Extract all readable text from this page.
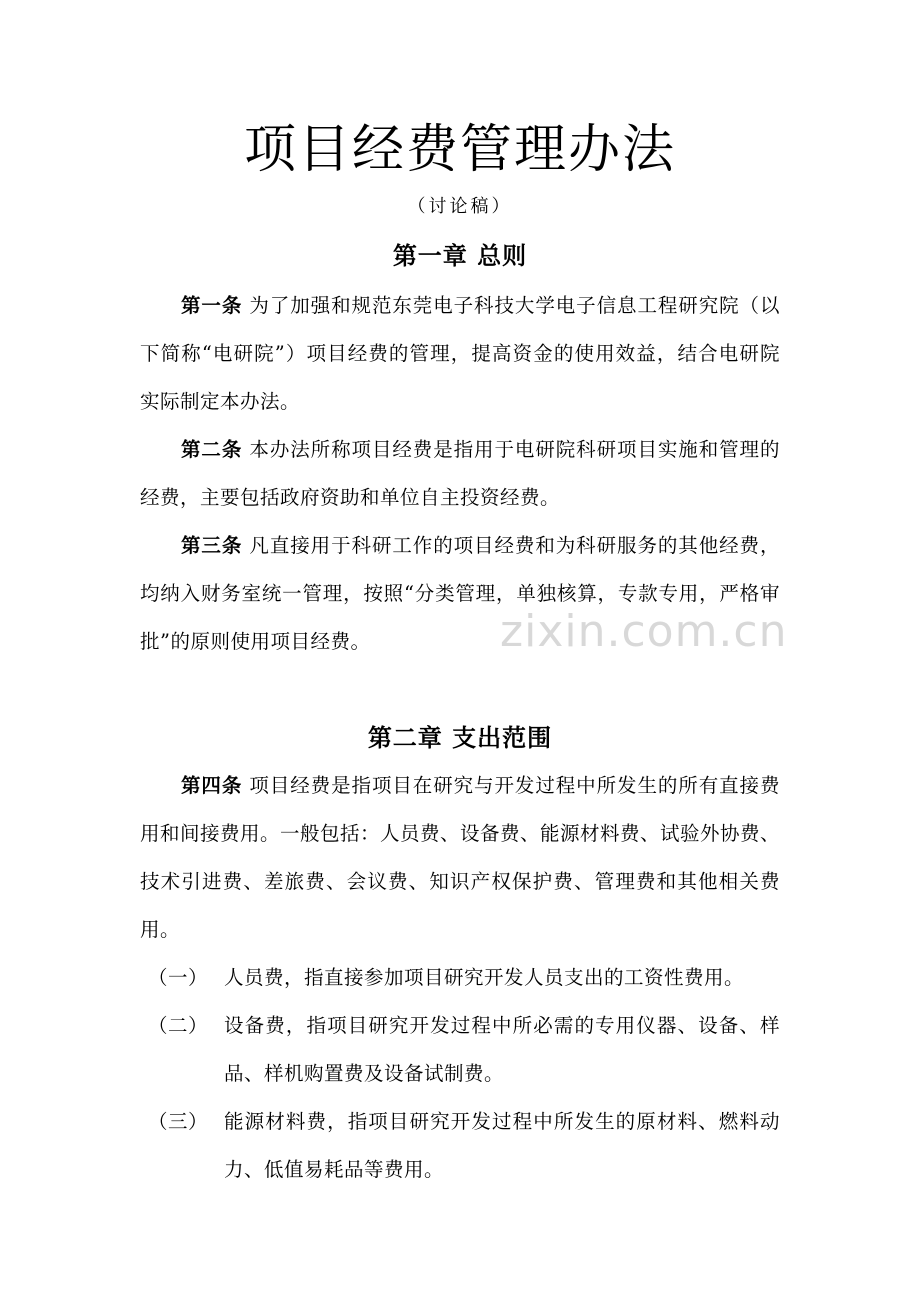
项目经费管理办法
（讨论稿）
第一章 总则
第一条 为了加强和规范东莞电子科技大学电子信息工程研究院（以下简称“电研院”）项目经费的管理，提高资金的使用效益，结合电研院实际制定本办法。
第二条 本办法所称项目经费是指用于电研院科研项目实施和管理的经费，主要包括政府资助和单位自主投资经费。
第三条 凡直接用于科研工作的项目经费和为科研服务的其他经费，均纳入财务室统一管理，按照“分类管理，单独核算，专款专用，严格审批”的原则使用项目经费。	zixin.com.cn
第二章 支出范围
第四条 项目经费是指项目在研究与开发过程中所发生的所有直接费用和间接费用。一般包括：人员费、设备费、能源材料费、试验外协费、技术引进费、差旅费、会议费、知识产权保护费、管理费和其他相关费用。
（一） 人员费，指直接参加项目研究开发人员支出的工资性费用。
（二） 设备费，指项目研究开发过程中所必需的专用仪器、设备、样品、样机购置费及设备试制费。
（三） 能源材料费，指项目研究开发过程中所发生的原材料、燃料动力、低值易耗品等费用。
